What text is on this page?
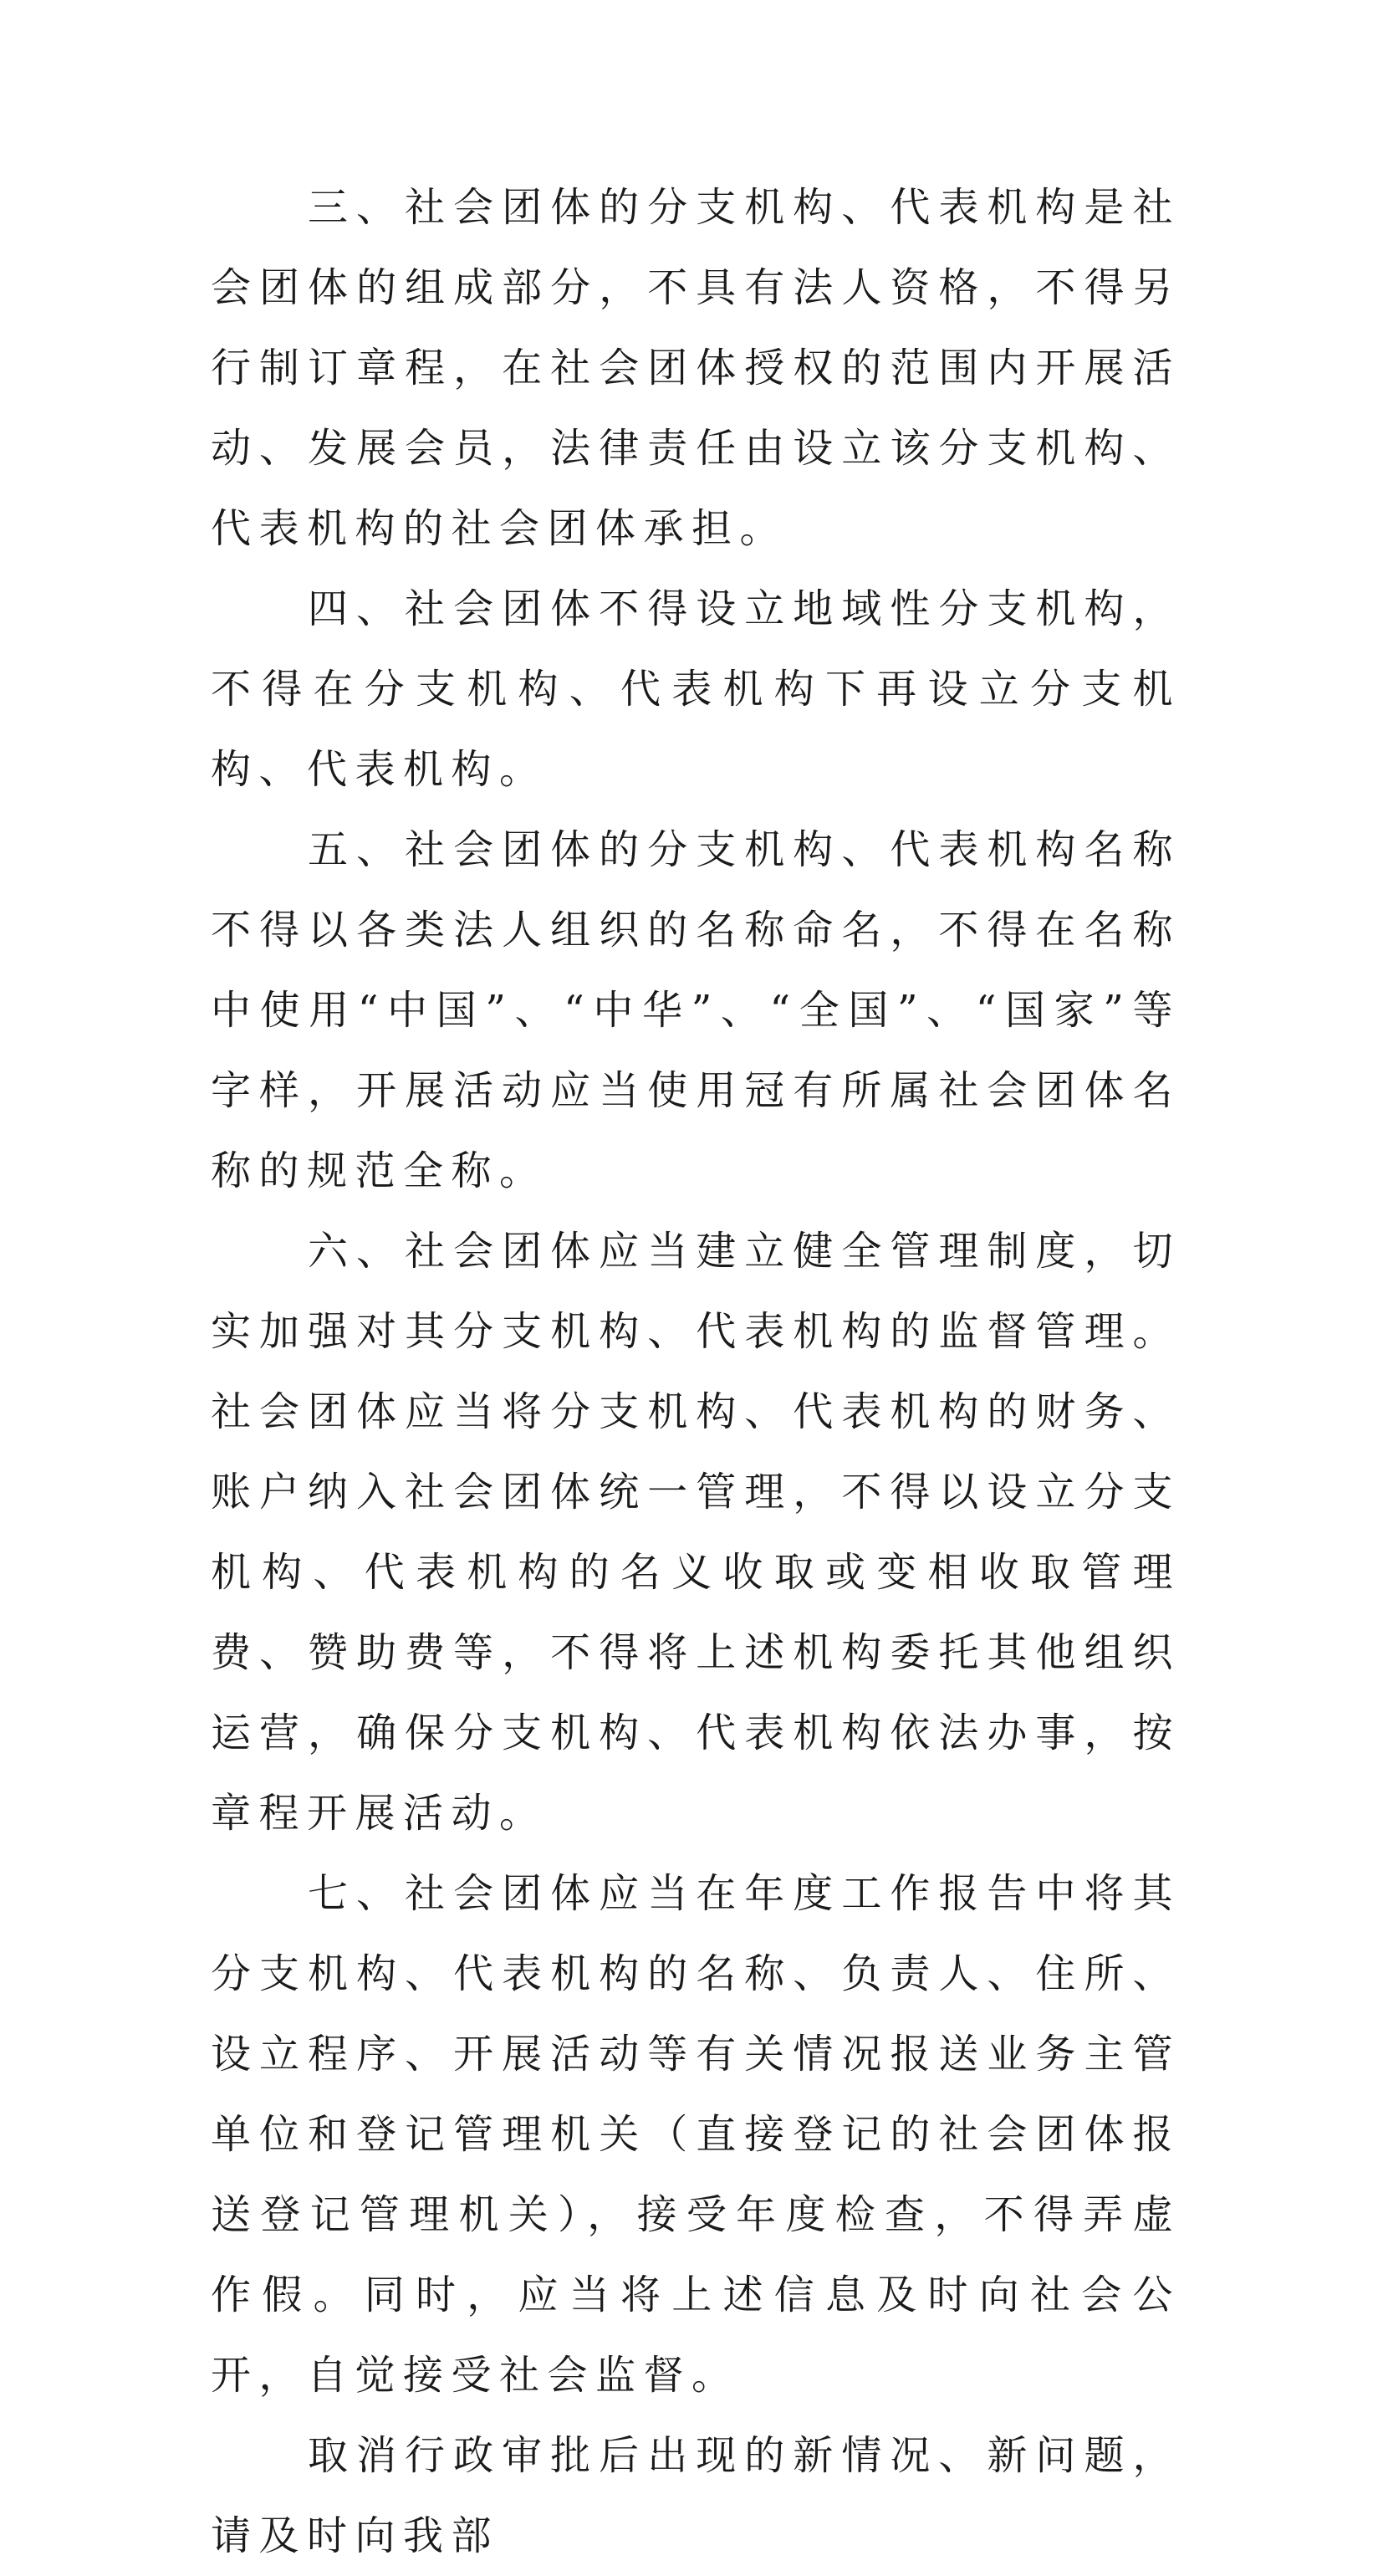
三、社会团体的分支机构、代表机构是社会团体的组成部分，不具有法人资格，不得另行制订章程，在社会团体授权的范围内开展活动、发展会员，法律责任由设立该分支机构、代表机构的社会团体承担。

四、社会团体不得设立地域性分支机构，不得在分支机构、代表机构下再设立分支机构、代表机构。

五、社会团体的分支机构、代表机构名称不得以各类法人组织的名称命名，不得在名称中使用“中国”、“中华”、“全国”、“国家”等字样，开展活动应当使用冠有所属社会团体名称的规范全称。

六、社会团体应当建立健全管理制度，切实加强对其分支机构、代表机构的监督管理。社会团体应当将分支机构、代表机构的财务、账户纳入社会团体统一管理，不得以设立分支机构、代表机构的名义收取或变相收取管理费、赞助费等，不得将上述机构委托其他组织运营，确保分支机构、代表机构依法办事，按章程开展活动。

七、社会团体应当在年度工作报告中将其分支机构、代表机构的名称、负责人、住所、设立程序、开展活动等有关情况报送业务主管单位和登记管理机关（直接登记的社会团体报送登记管理机关），接受年度检查，不得弄虚作假。同时，应当将上述信息及时向社会公开，自觉接受社会监督。

取消行政审批后出现的新情况、新问题，请及时向我部
